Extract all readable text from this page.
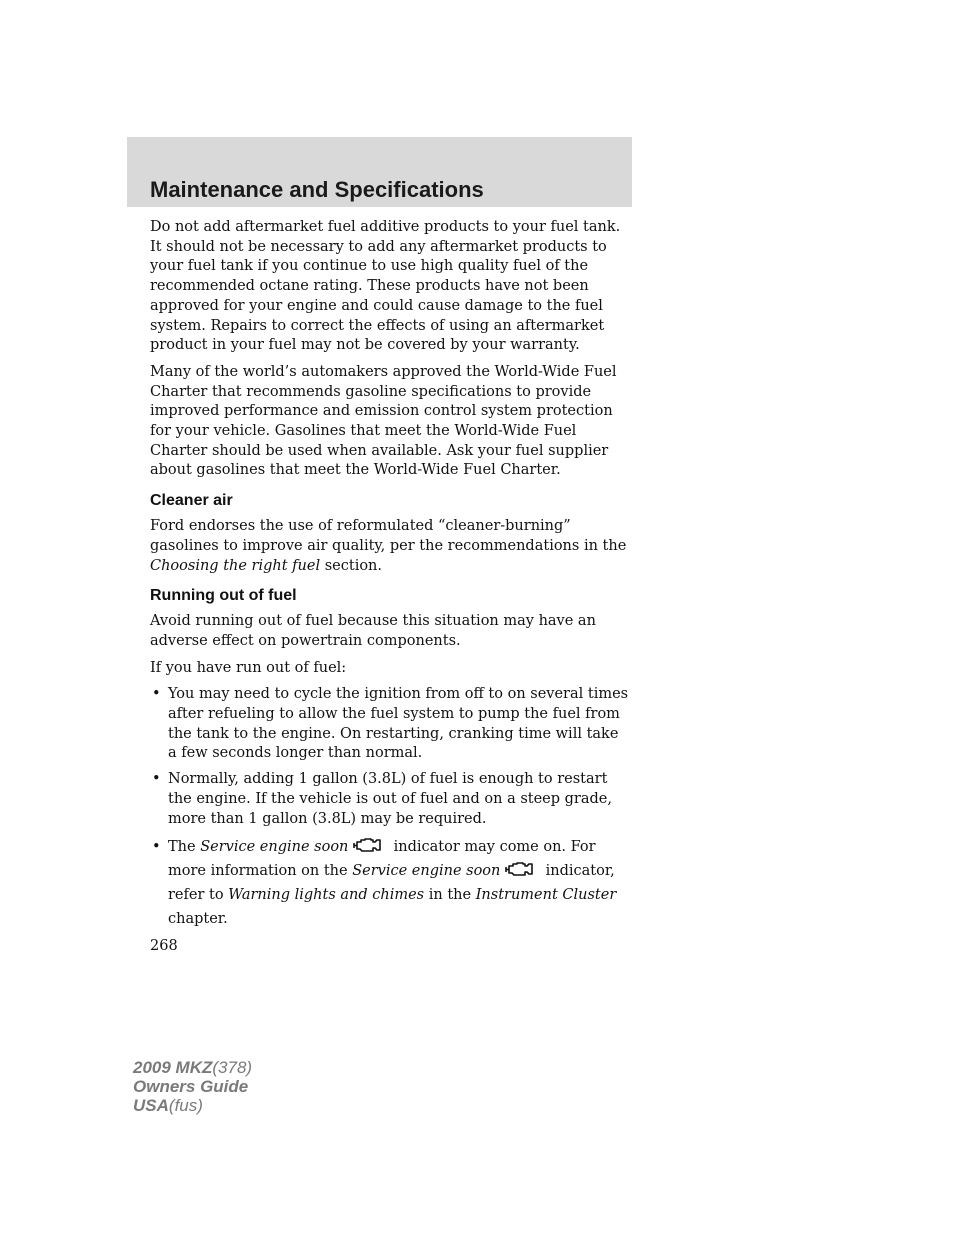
Maintenance and Specifications

Do not add aftermarket fuel additive products to your fuel tank. It should not be necessary to add any aftermarket products to your fuel tank if you continue to use high quality fuel of the recommended octane rating. These products have not been approved for your engine and could cause damage to the fuel system. Repairs to correct the effects of using an aftermarket product in your fuel may not be covered by your warranty.

Many of the world’s automakers approved the World-Wide Fuel Charter that recommends gasoline specifications to provide improved performance and emission control system protection for your vehicle. Gasolines that meet the World-Wide Fuel Charter should be used when available. Ask your fuel supplier about gasolines that meet the World-Wide Fuel Charter.

Cleaner air

Ford endorses the use of reformulated “cleaner-burning” gasolines to improve air quality, per the recommendations in the Choosing the right fuel section.

Running out of fuel

Avoid running out of fuel because this situation may have an adverse effect on powertrain components.

If you have run out of fuel:

• You may need to cycle the ignition from off to on several times after refueling to allow the fuel system to pump the fuel from the tank to the engine. On restarting, cranking time will take a few seconds longer than normal.
• Normally, adding 1 gallon (3.8L) of fuel is enough to restart the engine. If the vehicle is out of fuel and on a steep grade, more than 1 gallon (3.8L) may be required.
• The Service engine soon	indicator may come on. For more information on the Service engine soon	indicator, refer to Warning lights and chimes in the Instrument Cluster chapter.
268
2009 MKZ(378)
Owners Guide
USA(fus)
